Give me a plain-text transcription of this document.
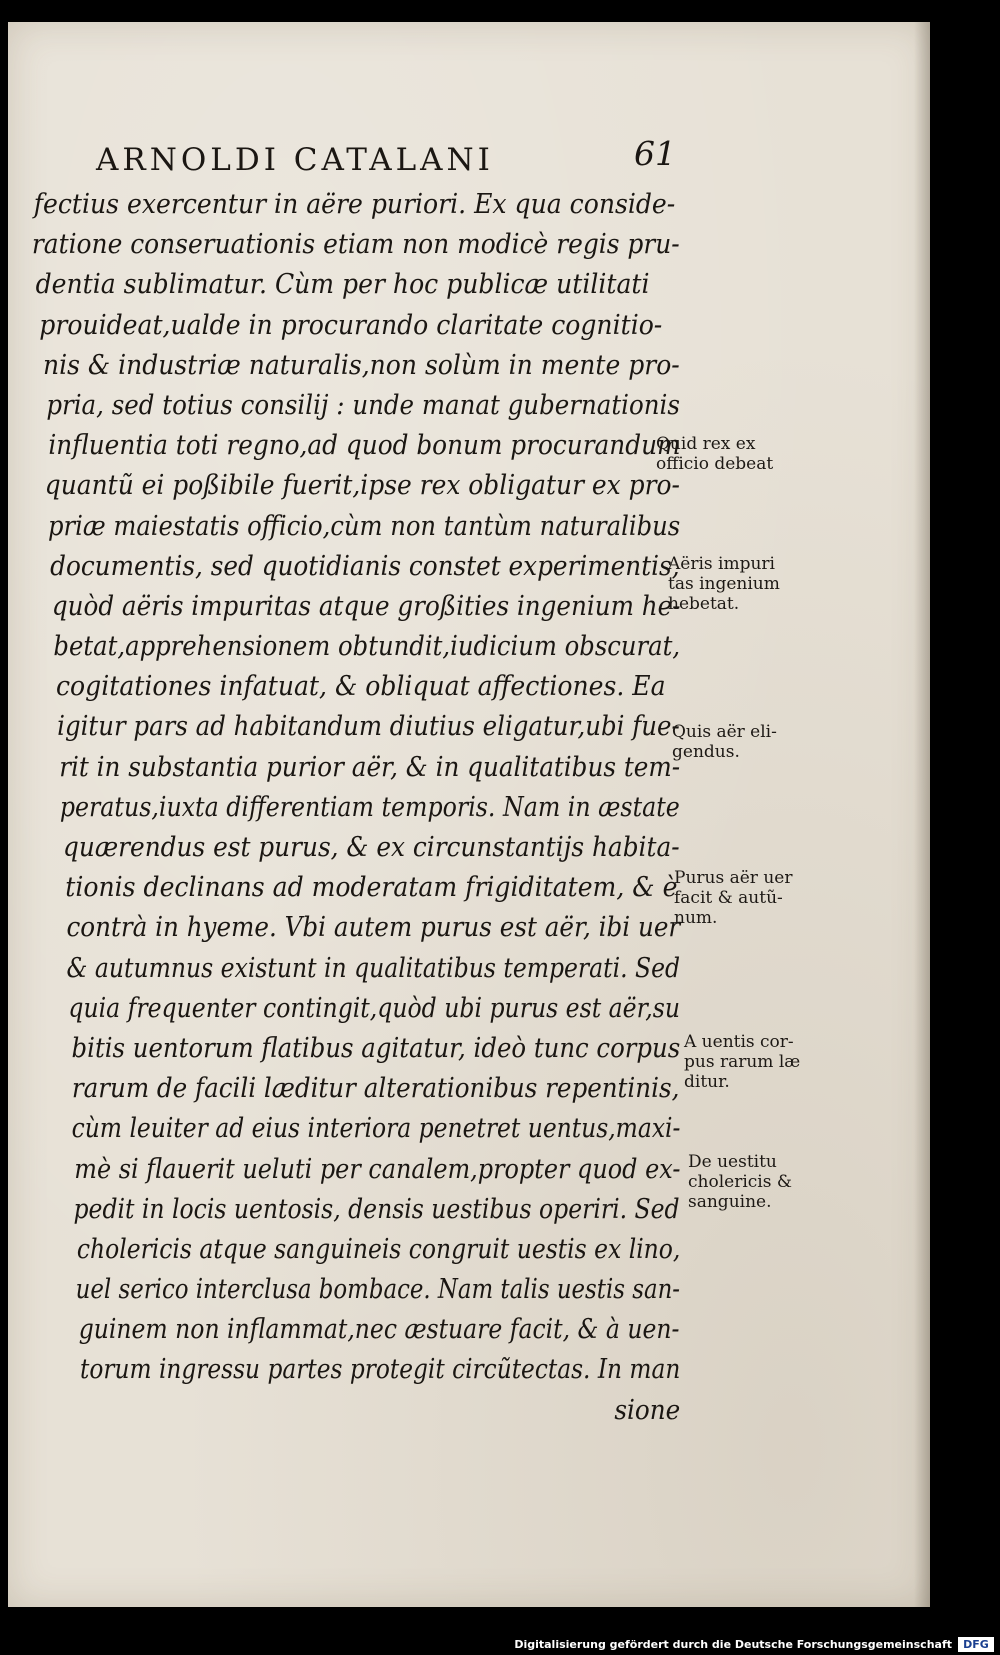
ARNOLDI CATALANI	61
fectius exercentur in aëre puriori. Ex qua conside-
ratione conseruationis etiam non modicè regis pru-
dentia sublimatur. Cùm per hoc publicæ utilitati
prouideat,ualde in procurando claritate cognitio-
nis & industriæ naturalis,non solùm in mente pro-
pria, sed totius consilij : unde manat gubernationis
influentia toti regno,ad quod bonum procurandum
quantũ ei poßibile fuerit,ipse rex obligatur ex pro-
priæ maiestatis officio,cùm non tantùm naturalibus
documentis, sed quotidianis constet experimentis,
quòd aëris impuritas atque großities ingenium he-
betat,apprehensionem obtundit,iudicium obscurat,
cogitationes infatuat, & obliquat affectiones. Ea
igitur pars ad habitandum diutius eligatur,ubi fue-
rit in substantia purior aër, & in qualitatibus tem-
peratus,iuxta differentiam temporis. Nam in æstate
quærendus est purus, & ex circunstantijs habita-
tionis declinans ad moderatam frigiditatem, & è
contrà in hyeme. Vbi autem purus est aër, ibi uer
& autumnus existunt in qualitatibus temperati. Sed
quia frequenter contingit,quòd ubi purus est aër,su
bitis uentorum flatibus agitatur, ideò tunc corpus
rarum de facili læditur alterationibus repentinis,
cùm leuiter ad eius interiora penetret uentus,maxi-
mè si flauerit ueluti per canalem,propter quod ex-
pedit in locis uentosis, densis uestibus operiri. Sed
cholericis atque sanguineis congruit uestis ex lino,
uel serico interclusa bombace. Nam talis uestis san-
guinem non inflammat,nec æstuare facit, & à uen-
torum ingressu partes protegit circũtectas. In man
sione
Quid rex ex
officio debeat
Aëris impuri
tas ingenium
hebetat.
Quis aër eli-
gendus.
Purus aër uer
facit & autũ-
num.
A uentis cor-
pus rarum læ
ditur.
De uestitu
cholericis &
sanguine.
Digitalisierung gefördert durch die Deutsche Forschungsgemeinschaft	DFG
